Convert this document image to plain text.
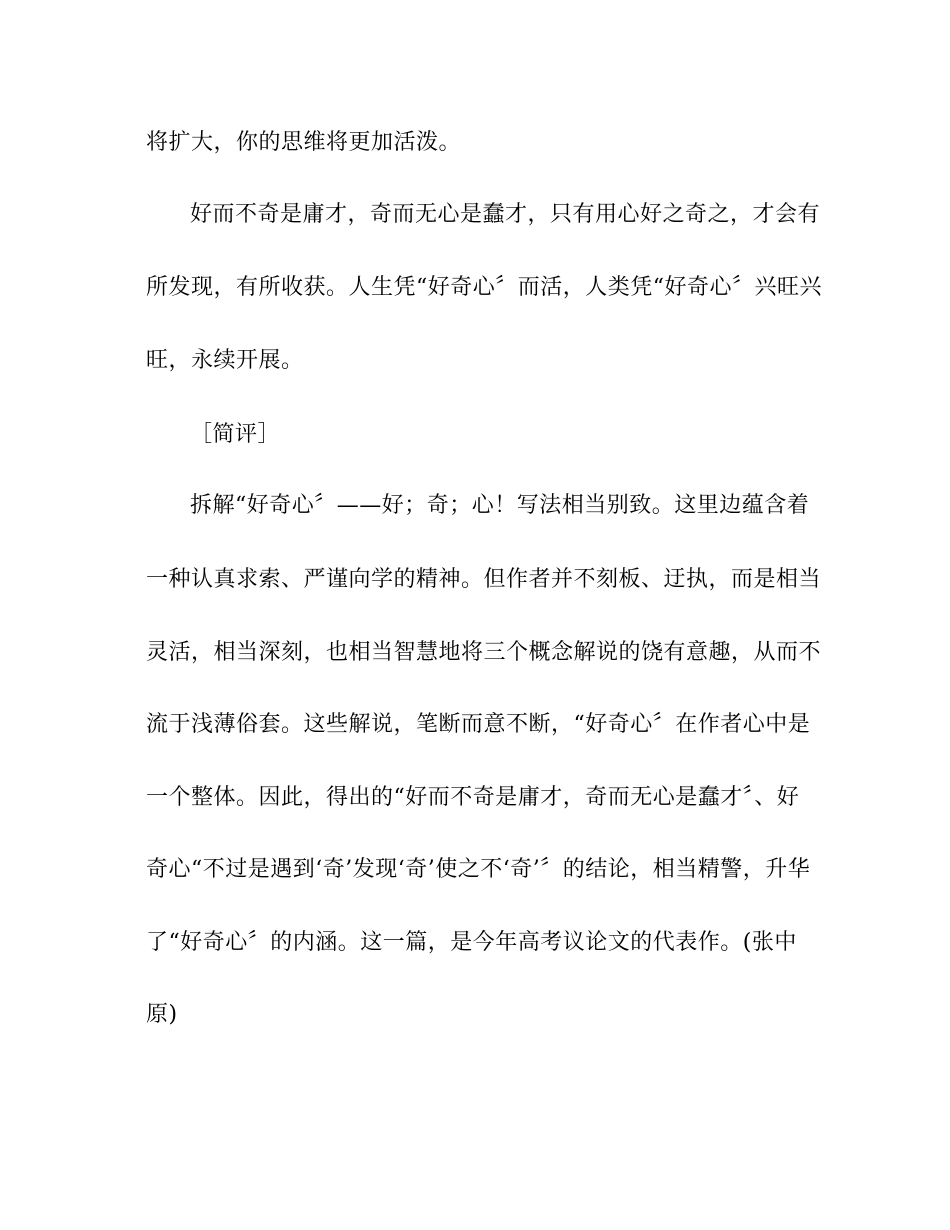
将扩大，你的思维将更加活泼。
好而不奇是庸才，奇而无心是蠢才，只有用心好之奇之，才会有
所发现，有所收获。人生凭“好奇心〞而活，人类凭“好奇心〞兴旺兴
旺，永续开展。
［简评］
拆解“好奇心〞——好；奇；心！写法相当别致。这里边蕴含着
一种认真求索、严谨向学的精神。但作者并不刻板、迂执，而是相当
灵活，相当深刻，也相当智慧地将三个概念解说的饶有意趣，从而不
流于浅薄俗套。这些解说，笔断而意不断，“好奇心〞在作者心中是
一个整体。因此，得出的“好而不奇是庸才，奇而无心是蠢才〞、好
奇心“不过是遇到‘奇’发现‘奇’使之不‘奇’〞的结论，相当精警，升华
了“好奇心〞的内涵。这一篇，是今年高考议论文的代表作。(张中
原)
